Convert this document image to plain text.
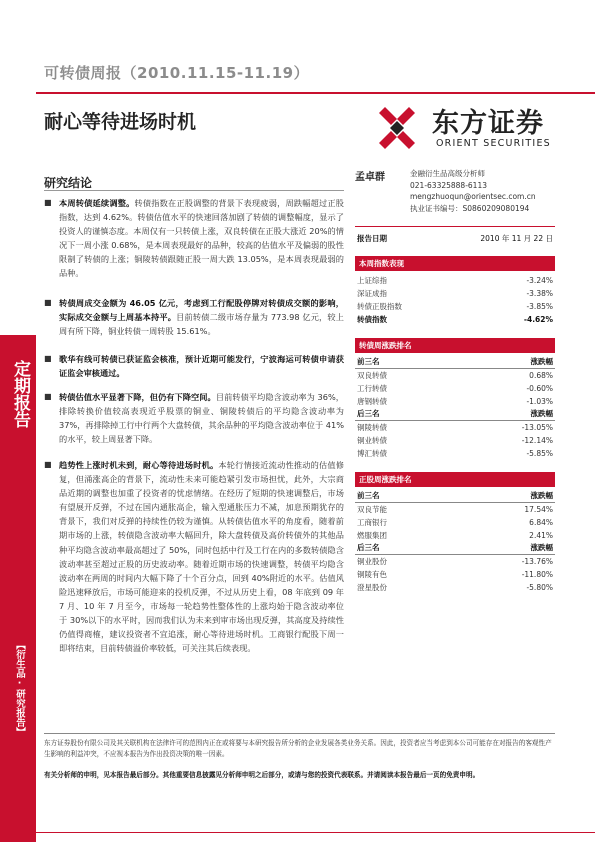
定期报告
【衍生品·研究报告】
可转债周报（2010.11.15-11.19）
耐心等待进场时机	东方证券
ORIENT SECURITIES
研究结论
■ 本周转债延续调整。转债指数在正股调整的背景下表现疲弱，周跌幅超过正股指数，达到 4.62%。转债估值水平的快速回落加剧了转债的调整幅度，显示了投资人的谨慎态度。本周仅有一只转债上涨，双良转债在正股大涨近 20%的情况下一周小涨 0.68%，是本周表现最好的品种，较高的估值水平及偏弱的股性限制了转债的上涨；铜陵转债跟随正股一周大跌 13.05%，是本周表现最弱的品种。
■ 转债周成交金额为 46.05 亿元，考虑到工行配股停牌对转债成交额的影响，实际成交金额与上周基本持平。目前转债二级市场存量为 773.98 亿元，较上周有所下降，铜业转债一周转股 15.61%。
■ 歌华有线可转债已获证监会核准，预计近期可能发行，宁波海运可转债申请获证监会审核通过。
■ 转债估值水平显著下降，但仍有下降空间。目前转债平均隐含波动率为 36%，排除转换价值较高表现近乎股票的铜业、铜陵转债后的平均隐含波动率为 37%，再排除掉工行中行两个大盘转债，其余品种的平均隐含波动率位于 41%的水平，较上周显著下降。
■ 趋势性上涨时机未到，耐心等待进场时机。本轮行情接近流动性推动的估值修复，但涌涨高企的背景下，流动性未来可能趋紧引发市场担忧，此外，大宗商品近期的调整也加重了投资者的忧虑情绪。在经历了短期的快速调整后，市场有望展开反弹，不过在国内通胀高企，输入型通胀压力不减，加息预期犹存的背景下，我们对反弹的持续性仍较为谨慎。从转债估值水平的角度看，随着前期市场的上涨，转债隐含波动率大幅回升，除大盘转债及高价转债外的其他品种平均隐含波动率最高超过了 50%，同时包括中行及工行在内的多数转债隐含波动率甚至超过正股的历史波动率。随着近期市场的快速调整，转债平均隐含波动率在两周的时间内大幅下降了十个百分点，回到 40%附近的水平。估值风险迅速释放后，市场可能迎来的投机反弹，不过从历史上看，08 年底到 09 年 7 月、10 年 7 月至今，市场每一轮趋势性整体性的上涨均始于隐含波动率位于 30%以下的水平时，因而我们认为未来到审市场出现反弹，其高度及持续性仍值得商榷，建议投资者不宜追涨，耐心等待进场时机。工商银行配股下周一即将结束，目前转债溢价率较低，可关注其后续表现。
孟卓群	金融衍生品高级分析师
021-63325888-6113
mengzhuoqun@orientsec.com.cn
执业证书编号：S0860209080194
报告日期	2010 年 11 月 22 日
本周指数表现
上证综指	-3.24%
深证成指	-3.38%
转债正股指数	-3.85%
转债指数	-4.62%
转债周涨跌排名
前三名	涨跌幅
双良转债	0.68%
工行转债	-0.60%
唐钢转债	-1.03%
后三名	涨跌幅
铜陵转债	-13.05%
铜业转债	-12.14%
博汇转债	-5.85%
正股周涨跌排名
前三名	涨跌幅
双良节能	17.54%
工商银行	6.84%
燃服集团	2.41%
后三名	涨跌幅
铜业股份	-13.76%
铜陵有色	-11.80%
澄星股份	-5.80%
东方证券股份有限公司及其关联机构在法律许可的范围内正在或将要与本研究报告所分析的企业发展各类业务关系。因此，投资者应当考虑到本公司可能存在对报告的客观性产生影响的利益冲突，不应视本报告为作出投资决策的唯一因素。
有关分析师的申明，见本报告最后部分。其他重要信息披露见分析师申明之后部分，或请与您的投资代表联系。并请阅读本报告最后一页的免责申明。
